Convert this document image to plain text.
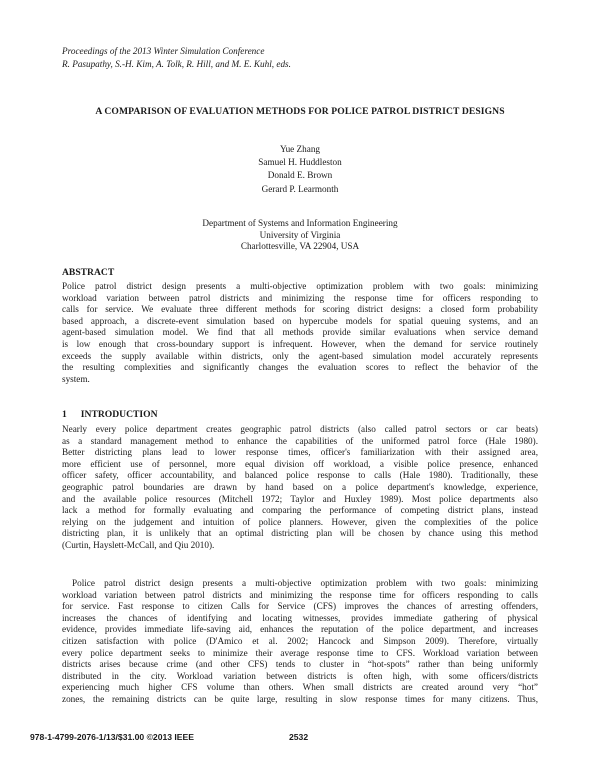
Proceedings of the 2013 Winter Simulation Conference
R. Pasupathy, S.-H. Kim, A. Tolk, R. Hill, and M. E. Kuhl, eds.
A COMPARISON OF EVALUATION METHODS FOR POLICE PATROL DISTRICT DESIGNS
Yue Zhang
Samuel H. Huddleston
Donald E. Brown
Gerard P. Learmonth
Department of Systems and Information Engineering
University of Virginia
Charlottesville, VA 22904, USA
ABSTRACT
Police patrol district design presents a multi-objective optimization problem with two goals: minimizing
workload variation between patrol districts and minimizing the response time for officers responding to
calls for service. We evaluate three different methods for scoring district designs: a closed form probability
based approach, a discrete-event simulation based on hypercube models for spatial queuing systems, and an
agent-based simulation model. We find that all methods provide similar evaluations when service demand
is low enough that cross-boundary support is infrequent. However, when the demand for service routinely
exceeds the supply available within districts, only the agent-based simulation model accurately represents
the resulting complexities and significantly changes the evaluation scores to reflect the behavior of the
system.
1 INTRODUCTION
Nearly every police department creates geographic patrol districts (also called patrol sectors or car beats)
as a standard management method to enhance the capabilities of the uniformed patrol force (Hale 1980).
Better districting plans lead to lower response times, officer's familiarization with their assigned area,
more efficient use of personnel, more equal division off workload, a visible police presence, enhanced
officer safety, officer accountability, and balanced police response to calls (Hale 1980). Traditionally, these
geographic patrol boundaries are drawn by hand based on a police department's knowledge, experience,
and the available police resources (Mitchell 1972; Taylor and Huxley 1989). Most police departments also
lack a method for formally evaluating and comparing the performance of competing district plans, instead
relying on the judgement and intuition of police planners. However, given the complexities of the police
districting plan, it is unlikely that an optimal districting plan will be chosen by chance using this method
(Curtin, Hayslett-McCall, and Qiu 2010).
Police patrol district design presents a multi-objective optimization problem with two goals: minimizing
workload variation between patrol districts and minimizing the response time for officers responding to calls
for service. Fast response to citizen Calls for Service (CFS) improves the chances of arresting offenders,
increases the chances of identifying and locating witnesses, provides immediate gathering of physical
evidence, provides immediate life-saving aid, enhances the reputation of the police department, and increases
citizen satisfaction with police (D'Amico et al. 2002; Hancock and Simpson 2009). Therefore, virtually
every police department seeks to minimize their average response time to CFS. Workload variation between
districts arises because crime (and other CFS) tends to cluster in “hot-spots” rather than being uniformly
distributed in the city. Workload variation between districts is often high, with some officers/districts
experiencing much higher CFS volume than others. When small districts are created around very “hot”
zones, the remaining districts can be quite large, resulting in slow response times for many citizens. Thus,
978-1-4799-2076-1/13/$31.00 ©2013 IEEE	2532
